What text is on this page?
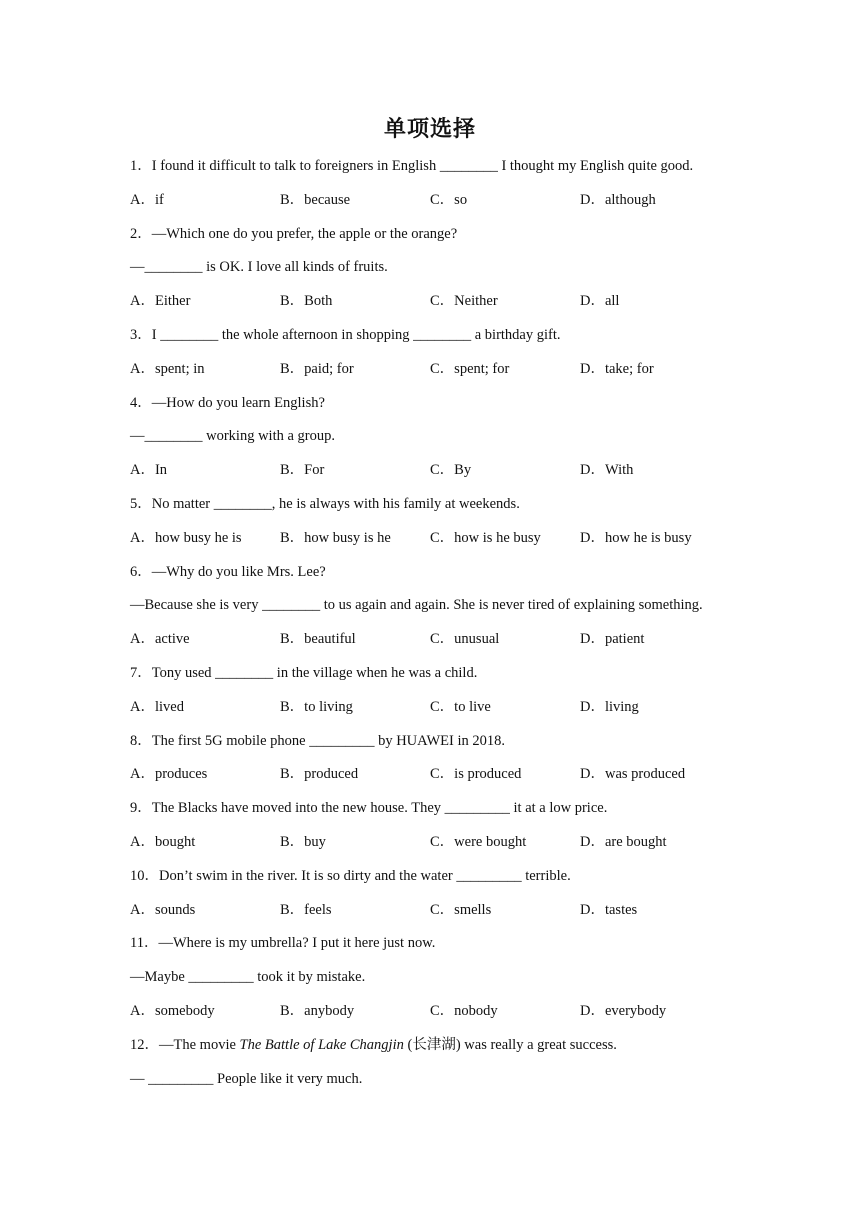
单项选择
1．I found it difficult to talk to foreigners in English ________ I thought my English quite good.
A．if	B．because	C．so	D．although
2．—Which one do you prefer, the apple or the orange?
—________ is OK. I love all kinds of fruits.
A．Either	B．Both	C．Neither	D．all
3．I ________ the whole afternoon in shopping ________ a birthday gift.
A．spent; in	B．paid; for	C．spent; for	D．take; for
4．—How do you learn English?
—________ working with a group.
A．In	B．For	C．By	D．With
5．No matter ________, he is always with his family at weekends.
A．how busy he is	B．how busy is he	C．how is he busy	D．how he is busy
6．—Why do you like Mrs. Lee?
—Because she is very ________ to us again and again. She is never tired of explaining something.
A．active	B．beautiful	C．unusual	D．patient
7．Tony used ________ in the village when he was a child.
A．lived	B．to living	C．to live	D．living
8．The first 5G mobile phone _________ by HUAWEI in 2018.
A．produces	B．produced	C．is produced	D．was produced
9．The Blacks have moved into the new house. They _________ it at a low price.
A．bought	B．buy	C．were bought	D．are bought
10．Don’t swim in the river. It is so dirty and the water _________ terrible.
A．sounds	B．feels	C．smells	D．tastes
11．—Where is my umbrella? I put it here just now.
—Maybe _________ took it by mistake.
A．somebody	B．anybody	C．nobody	D．everybody
12．—The movie The Battle of Lake Changjin (长津湖) was really a great success.
— _________ People like it very much.
